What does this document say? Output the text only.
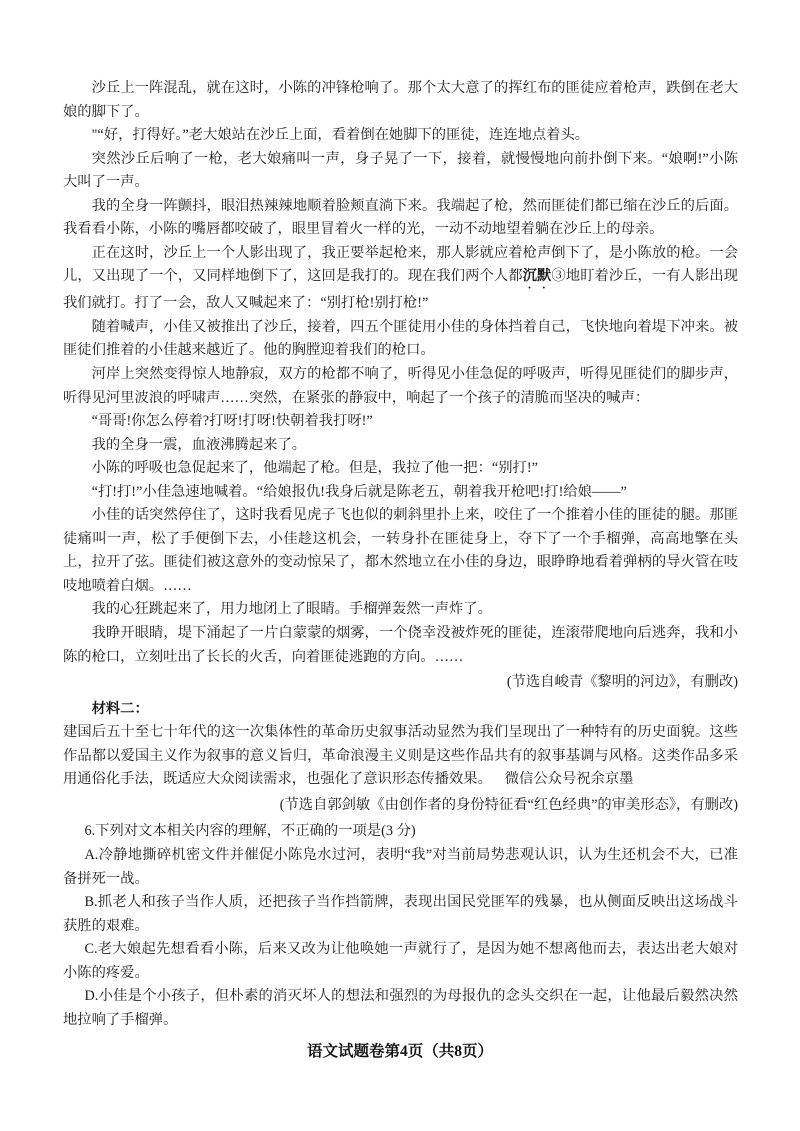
沙丘上一阵混乱，就在这时，小陈的冲锋枪响了。那个太大意了的挥红布的匪徒应着枪声，跌倒在老大娘的脚下了。

"“好，打得好。”老大娘站在沙丘上面，看着倒在她脚下的匪徒，连连地点着头。

突然沙丘后响了一枪，老大娘痛叫一声，身子晃了一下，接着，就慢慢地向前扑倒下来。“娘啊!”小陈大叫了一声。

我的全身一阵颤抖，眼泪热辣辣地顺着脸颊直淌下来。我端起了枪，然而匪徒们都已缩在沙丘的后面。我看看小陈，小陈的嘴唇都咬破了，眼里冒着火一样的光，一动不动地望着躺在沙丘上的母亲。

正在这时，沙丘上一个人影出现了，我正要举起枪来，那人影就应着枪声倒下了，是小陈放的枪。一会儿，又出现了一个，又同样地倒下了，这回是我打的。现在我们两个人都沉默③地盯着沙丘，一有人影出现我们就打。打了一会，敌人又喊起来了：“别打枪!别打枪!”

随着喊声，小佳又被推出了沙丘，接着，四五个匪徒用小佳的身体挡着自己，飞快地向着堤下冲来。被匪徒们推着的小佳越来越近了。他的胸膛迎着我们的枪口。

河岸上突然变得惊人地静寂，双方的枪都不响了，听得见小佳急促的呼吸声，听得见匪徒们的脚步声，听得见河里波浪的呼啸声……突然，在紧张的静寂中，响起了一个孩子的清脆而坚决的喊声：

“哥哥!你怎么停着?打呀!打呀!快朝着我打呀!”

我的全身一震，血液沸腾起来了。

小陈的呼吸也急促起来了，他端起了枪。但是，我拉了他一把：“别打!”

“打!打!”小佳急速地喊着。“给娘报仇!我身后就是陈老五，朝着我开枪吧!打!给娘——”

小佳的话突然停住了，这时我看见虎子飞也似的刺斜里扑上来，咬住了一个推着小佳的匪徒的腿。那匪徒痛叫一声，松了手便倒下去，小佳趁这机会，一转身扑在匪徒身上，夺下了一个手榴弹，高高地擎在头上，拉开了弦。匪徒们被这意外的变动惊呆了，都木然地立在小佳的身边，眼睁睁地看着弹柄的导火管在吱吱地喷着白烟。……

我的心狂跳起来了，用力地闭上了眼睛。手榴弹轰然一声炸了。

我睁开眼睛，堤下涌起了一片白蒙蒙的烟雾，一个侥幸没被炸死的匪徒，连滚带爬地向后逃奔，我和小陈的枪口，立刻吐出了长长的火舌，向着匪徒逃跑的方向。……

(节选自峻青《黎明的河边》，有删改)

材料二：

建国后五十至七十年代的这一次集体性的革命历史叙事活动显然为我们呈现出了一种特有的历史面貌。这些作品都以爱国主义作为叙事的意义旨归，革命浪漫主义则是这些作品共有的叙事基调与风格。这类作品多采用通俗化手法，既适应大众阅读需求，也强化了意识形态传播效果。 微信公众号祝余京墨

(节选自郭剑敏《由创作者的身份特征看“红色经典”的审美形态》，有删改)

6.下列对文本相关内容的理解，不正确的一项是(3 分)

A.冷静地撕碎机密文件并催促小陈凫水过河，表明“我”对当前局势悲观认识，认为生还机会不大，已准备拼死一战。

B.抓老人和孩子当作人质，还把孩子当作挡箭牌，表现出国民党匪军的残暴，也从侧面反映出这场战斗获胜的艰难。

C.老大娘起先想看看小陈，后来又改为让他唤她一声就行了，是因为她不想离他而去，表达出老大娘对小陈的疼爱。

D.小佳是个小孩子，但朴素的消灭坏人的想法和强烈的为母报仇的念头交织在一起，让他最后毅然决然地拉响了手榴弹。

语文试题卷第4页（共8页）
